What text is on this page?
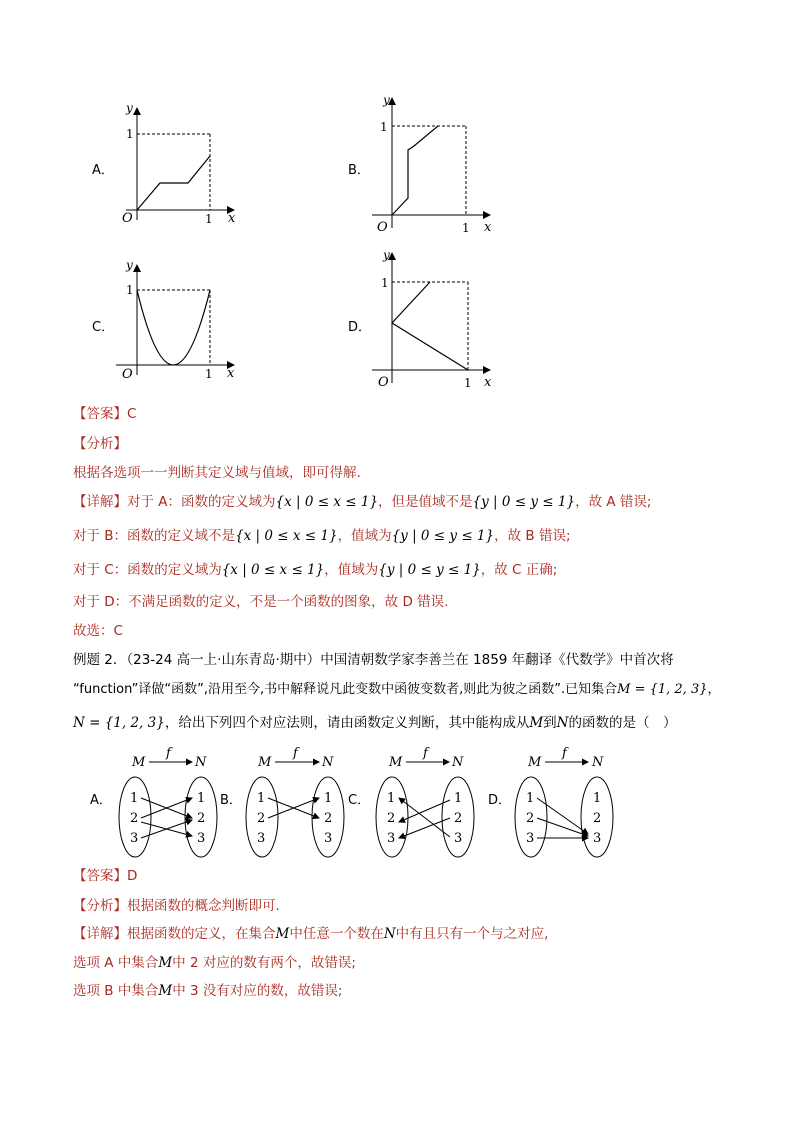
A．
y
1
O	1 x
B．
y
1
O	1 x
C．
y
1
O	1 x
D．
y
1
O	1 x
【答案】C
【分析】
根据各选项一一判断其定义域与值域，即可得解.
【详解】对于 A：函数的定义域为{x | 0 ≤ x ≤ 1}，但是值域不是{y | 0 ≤ y ≤ 1}，故 A 错误;
对于 B：函数的定义域不是{x | 0 ≤ x ≤ 1}，值域为{y | 0 ≤ y ≤ 1}，故 B 错误;
对于 C：函数的定义域为{x | 0 ≤ x ≤ 1}，值域为{y | 0 ≤ y ≤ 1}，故 C 正确;
对于 D：不满足函数的定义，不是一个函数的图象，故 D 错误.
故选：C
例题 2．（23-24 高一上·山东青岛·期中）中国清朝数学家李善兰在 1859 年翻译《代数学》中首次将
“function”译做“函数”,沿用至今,书中解释说凡此变数中函彼变数者,则此为彼之函数”.已知集合M = {1, 2, 3}，
N = {1, 2, 3}，给出下列四个对应法则，请由函数定义判断，其中能构成从M到N的函数的是（　）
A．
M	N
f
1
2
3
1
2
3
B．
M	N
f
1
2
3
1
2
3
C．
M	N
f
1
2
3
1
2
3
D．
M	N
f
1
2
3
1
2
3
【答案】D
【分析】根据函数的概念判断即可.
【详解】根据函数的定义，在集合M中任意一个数在N中有且只有一个与之对应,
选项 A 中集合M中 2 对应的数有两个，故错误;
选项 B 中集合M中 3 没有对应的数，故错误;
